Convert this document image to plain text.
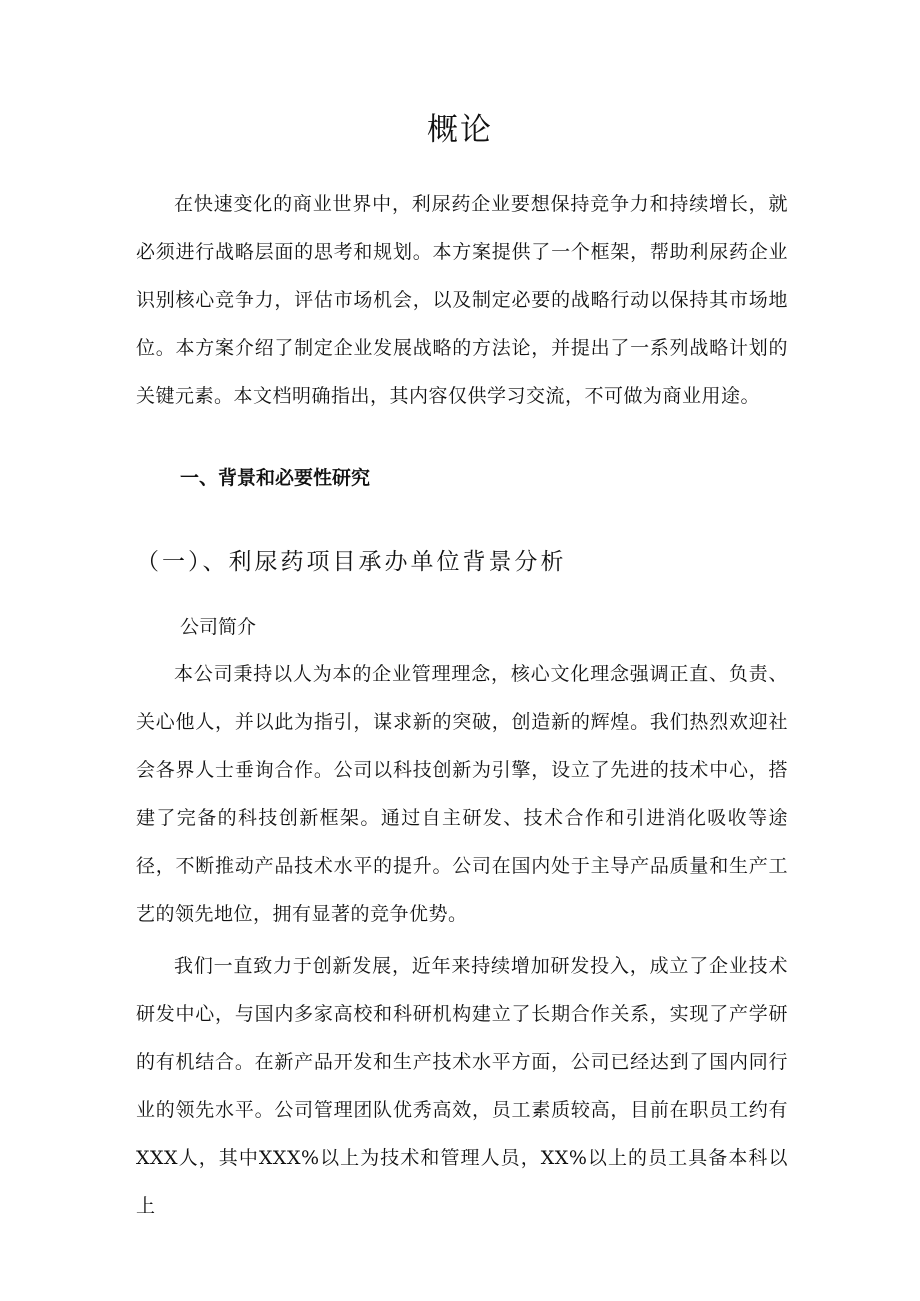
概论

在快速变化的商业世界中，利尿药企业要想保持竞争力和持续增长，就必须进行战略层面的思考和规划。本方案提供了一个框架，帮助利尿药企业识别核心竞争力，评估市场机会，以及制定必要的战略行动以保持其市场地位。本方案介绍了制定企业发展战略的方法论，并提出了一系列战略计划的关键元素。本文档明确指出，其内容仅供学习交流，不可做为商业用途。

一、背景和必要性研究
（一）、利尿药项目承办单位背景分析
公司简介

本公司秉持以人为本的企业管理理念，核心文化理念强调正直、负责、关心他人，并以此为指引，谋求新的突破，创造新的辉煌。我们热烈欢迎社会各界人士垂询合作。公司以科技创新为引擎，设立了先进的技术中心，搭建了完备的科技创新框架。通过自主研发、技术合作和引进消化吸收等途径，不断推动产品技术水平的提升。公司在国内处于主导产品质量和生产工艺的领先地位，拥有显著的竞争优势。

我们一直致力于创新发展，近年来持续增加研发投入，成立了企业技术研发中心，与国内多家高校和科研机构建立了长期合作关系，实现了产学研的有机结合。在新产品开发和生产技术水平方面，公司已经达到了国内同行业的领先水平。公司管理团队优秀高效，员工素质较高，目前在职员工约有XXX人，其中XXX%以上为技术和管理人员，XX%以上的员工具备本科以上
